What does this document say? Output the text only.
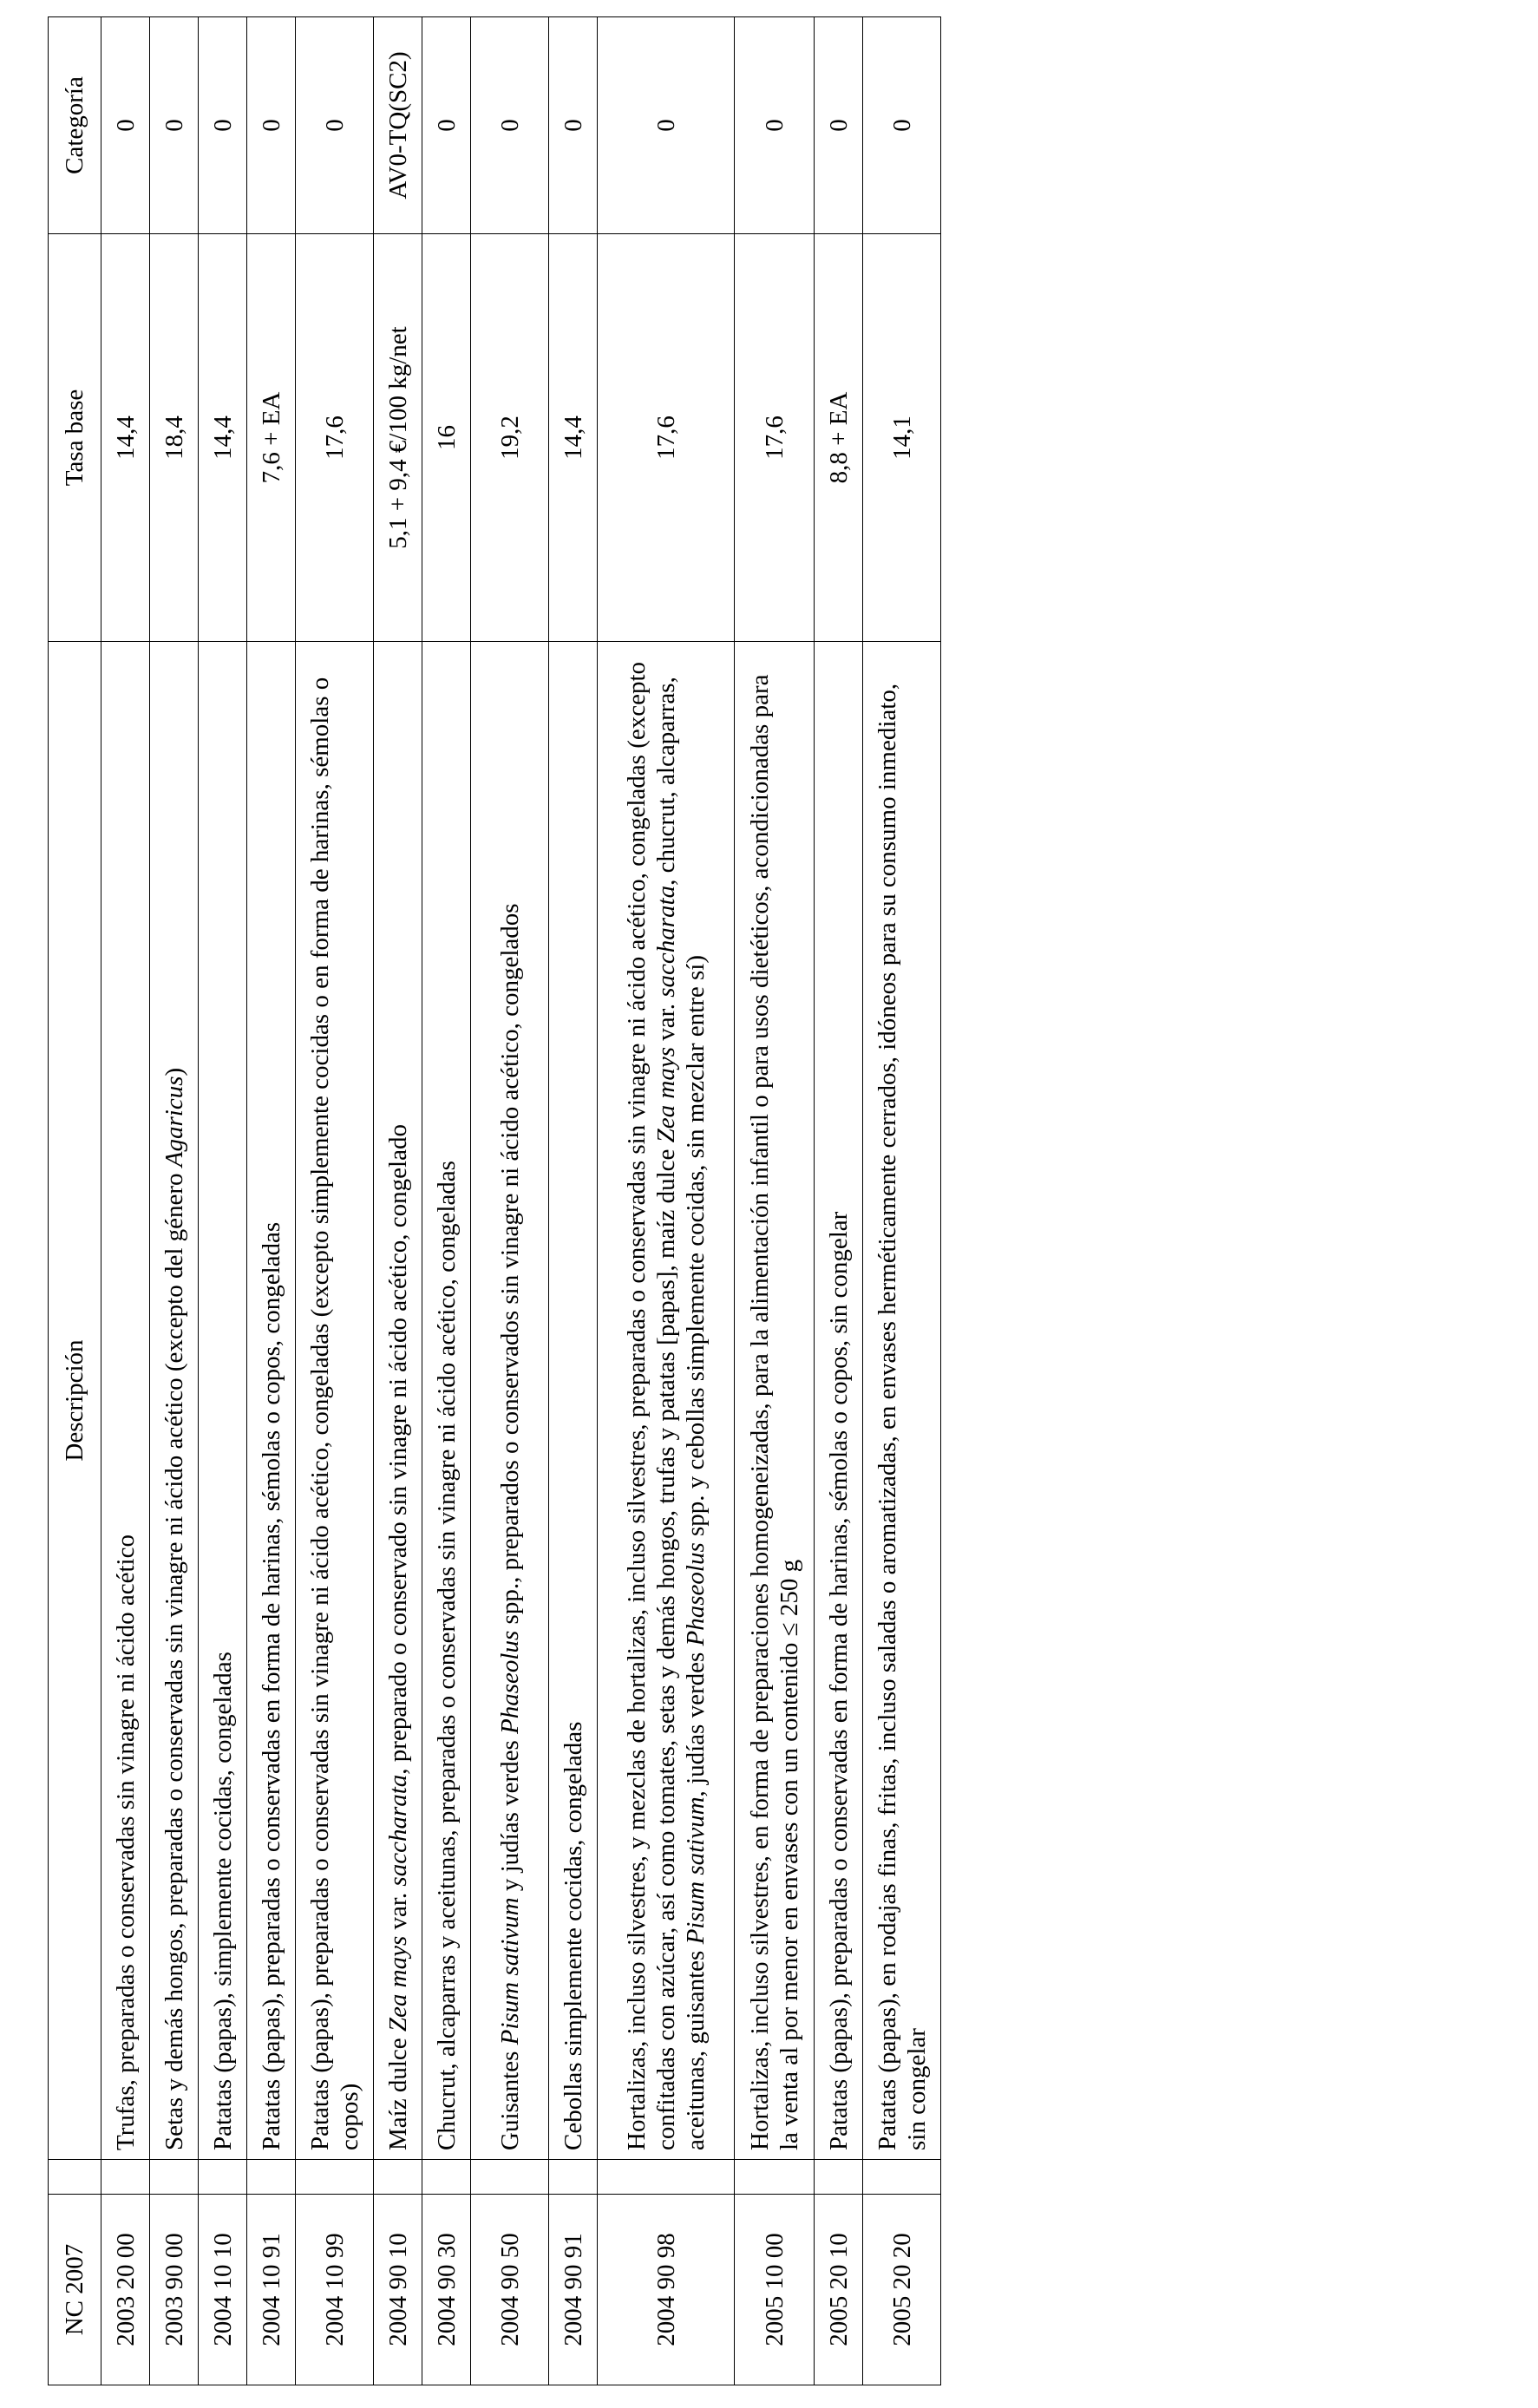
NC 2007		Descripción	Tasa base	Categoría
2003 20 00		Trufas, preparadas o conservadas sin vinagre ni ácido acético	14,4	0
2003 90 00		Setas y demás hongos, preparadas o conservadas sin vinagre ni ácido acético (excepto del género Agaricus)	18,4	0
2004 10 10		Patatas (papas), simplemente cocidas, congeladas	14,4	0
2004 10 91		Patatas (papas), preparadas o conservadas en forma de harinas, sémolas o copos, congeladas	7,6 + EA	0
2004 10 99		Patatas (papas), preparadas o conservadas sin vinagre ni ácido acético, congeladas (excepto simplemente cocidas o en forma de harinas, sémolas o copos)	17,6	0
2004 90 10		Maíz dulce Zea mays var. saccharata, preparado o conservado sin vinagre ni ácido acético, congelado	5,1 + 9,4 €/100 kg/net	AV0-TQ(SC2)
2004 90 30		Chucrut, alcaparras y aceitunas, preparadas o conservadas sin vinagre ni ácido acético, congeladas	16	0
2004 90 50		Guisantes Pisum sativum y judías verdes Phaseolus spp., preparados o conservados sin vinagre ni ácido acético, congelados	19,2	0
2004 90 91		Cebollas simplemente cocidas, congeladas	14,4	0
2004 90 98		Hortalizas, incluso silvestres, y mezclas de hortalizas, incluso silvestres, preparadas o conservadas sin vinagre ni ácido acético, congeladas (excepto confitadas con azúcar, así como tomates, setas y demás hongos, trufas y patatas [papas], maíz dulce Zea mays var. saccharata, chucrut, alcaparras, aceitunas, guisantes Pisum sativum, judías verdes Phaseolus spp. y cebollas simplemente cocidas, sin mezclar entre sí)	17,6	0
2005 10 00		Hortalizas, incluso silvestres, en forma de preparaciones homogeneizadas, para la alimentación infantil o para usos dietéticos, acondicionadas para la venta al por menor en envases con un contenido ≤ 250 g	17,6	0
2005 20 10		Patatas (papas), preparadas o conservadas en forma de harinas, sémolas o copos, sin congelar	8,8 + EA	0
2005 20 20		Patatas (papas), en rodajas finas, fritas, incluso saladas o aromatizadas, en envases herméticamente cerrados, idóneos para su consumo inmediato, sin congelar	14,1	0
